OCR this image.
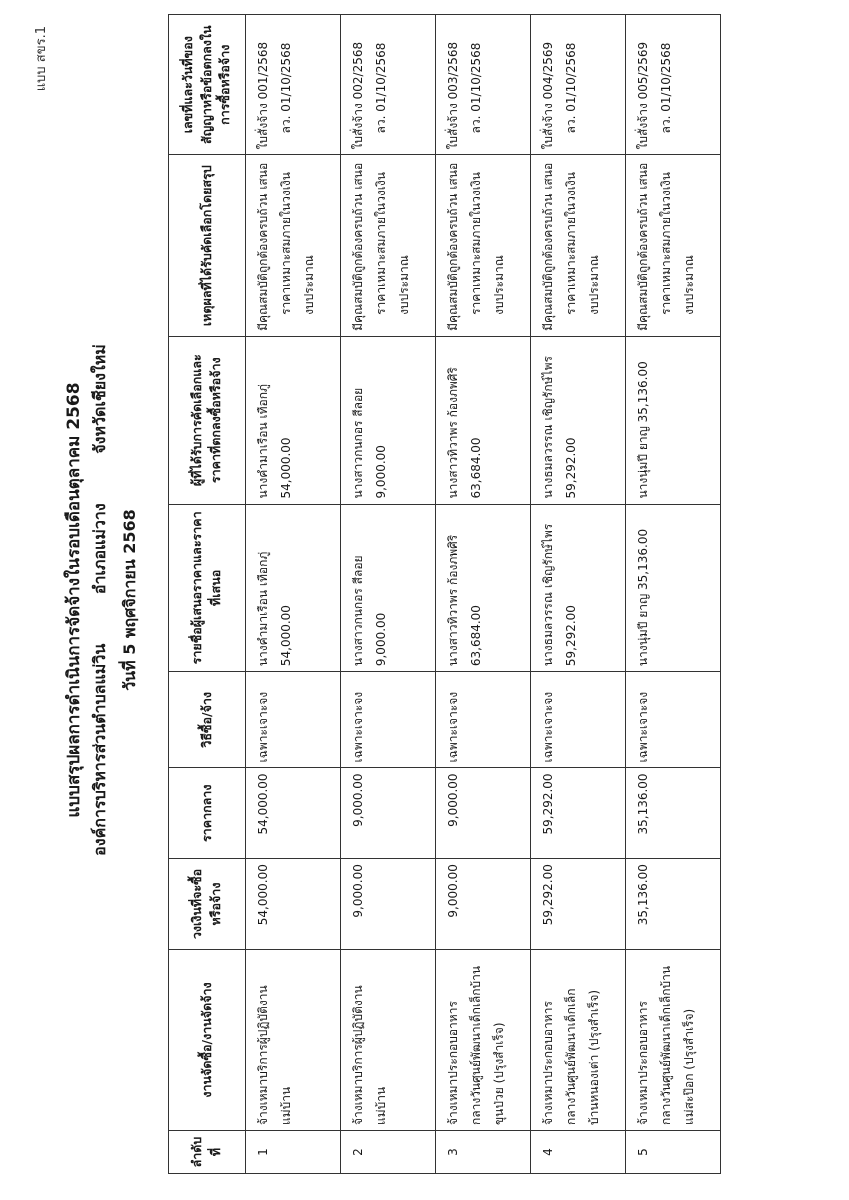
แบบ สขร.1
แบบสรุปผลการดำเนินการจัดจ้างในรอบเดือนตุลาคม 2568 องค์การบริหารส่วนตำบลแม่วิน อำเภอแม่วาง จังหวัดเชียงใหม่
วันที่ 5 พฤศจิกายน 2568
ลำดับที่	งานจัดซื้อ/งานจัดจ้าง	วงเงินที่จะซื้อหรือจ้าง	ราคากลาง	วิธีซื้อ/จ้าง	รายชื่อผู้เสนอราคาและราคาที่เสนอ	ผู้ที่ได้รับการคัดเลือกและราคาที่ตกลงซื้อหรือจ้าง	เหตุผลที่ได้รับคัดเลือกโดยสรุป	เลขที่และวันที่ของสัญญาหรือข้อตกลงในการซื้อหรือจ้าง
1	จ้างเหมาบริการผู้ปฏิบัติงาน แม่บ้าน	54,000.00	54,000.00	เฉพาะเจาะจง	นางคำมาเรือน เทือกภู่ 54,000.00	นางคำมาเรือน เทือกภู่ 54,000.00	มีคุณสมบัติถูกต้องครบถ้วน เสนอ ราคาเหมาะสมภายในวงเงิน งบประมาณ	ใบสั่งจ้าง 001/2568 ลว. 01/10/2568

2	จ้างเหมาบริการผู้ปฏิบัติงาน แม่บ้าน	9,000.00	9,000.00	เฉพาะเจาะจง	นางสาวกนกอร สีลอย 9,000.00	นางสาวกนกอร สีลอย 9,000.00	มีคุณสมบัติถูกต้องครบถ้วน เสนอ ราคาเหมาะสมภายในวงเงิน งบประมาณ	ใบสั่งจ้าง 002/2568 ลว. 01/10/2568

3	จ้างเหมาประกอบอาหาร กลางวันศูนย์พัฒนาเด็กเล็กบ้าน ขุนป่วย (ปรุงสำเร็จ)	9,000.00	9,000.00	เฉพาะเจาะจง	นางสาวทิวาพร ก้องภพศิริ 63,684.00	นางสาวทิวาพร ก้องภพศิริ 63,684.00	มีคุณสมบัติถูกต้องครบถ้วน เสนอ ราคาเหมาะสมภายในวงเงิน งบประมาณ	ใบสั่งจ้าง 003/2568 ลว. 01/10/2568

4	จ้างเหมาประกอบอาหาร กลางวันศูนย์พัฒนาเด็กเล็ก บ้านหนองเต่า (ปรุงสำเร็จ)	59,292.00	59,292.00	เฉพาะเจาะจง	นางธมลวรรณ เชิญรักษ์ไพร 59,292.00	นางธมลวรรณ เชิญรักษ์ไพร 59,292.00	มีคุณสมบัติถูกต้องครบถ้วน เสนอ ราคาเหมาะสมภายในวงเงิน งบประมาณ	ใบสั่งจ้าง 004/2569 ลว. 01/10/2568

5	จ้างเหมาประกอบอาหาร กลางวันศูนย์พัฒนาเด็กเล็กบ้าน แม่สะป๊อก (ปรุงสำเร็จ)	35,136.00	35,136.00	เฉพาะเจาะจง	นางนุ่มปี ยาญ 35,136.00	นางนุ่มปี ยาญ 35,136.00	มีคุณสมบัติถูกต้องครบถ้วน เสนอ ราคาเหมาะสมภายในวงเงิน งบประมาณ	ใบสั่งจ้าง 005/2569 ลว. 01/10/2568
